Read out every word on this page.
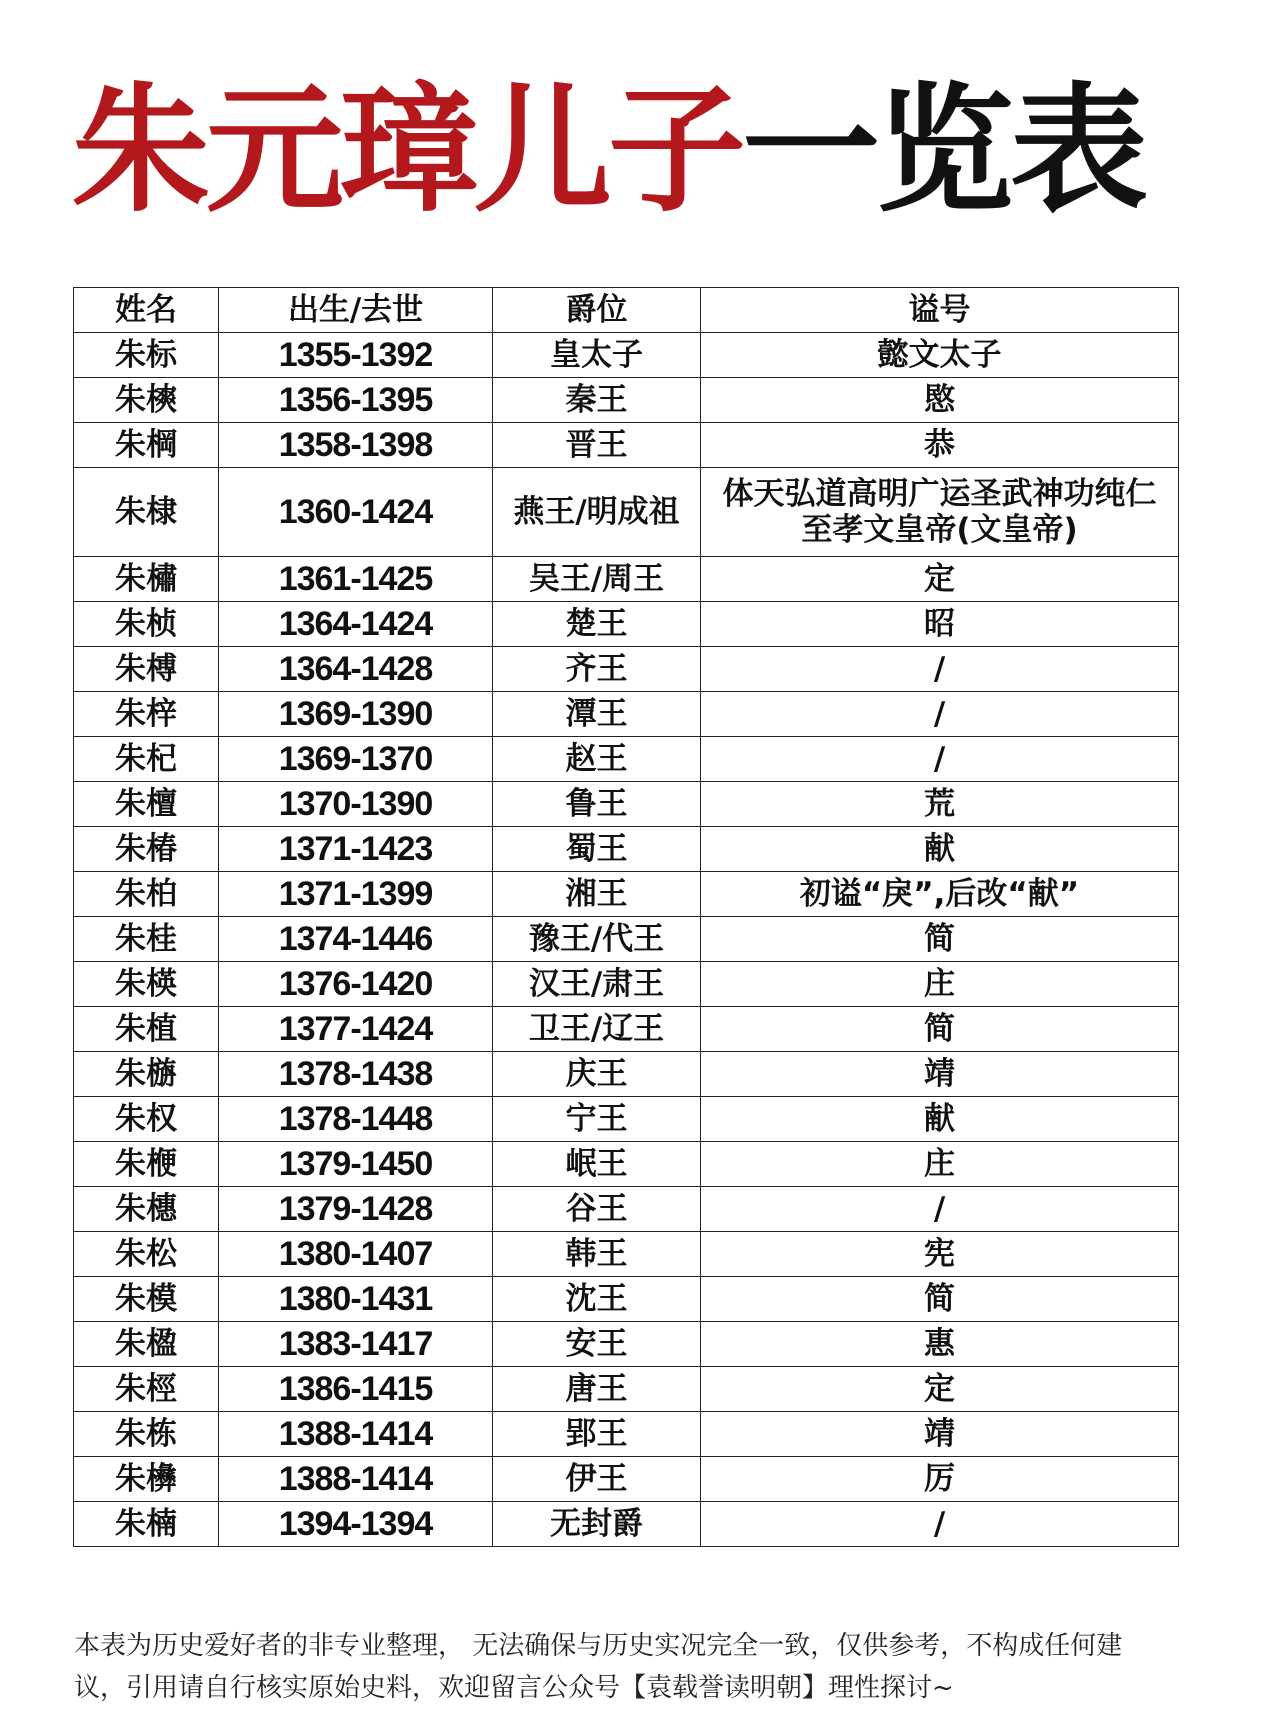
朱元璋儿子一览表
姓名	出生/去世	爵位	谥号
朱标	1355-1392	皇太子	懿文太子
朱樉	1356-1395	秦王	愍
朱棡	1358-1398	晋王	恭
朱棣	1360-1424	燕王/明成祖	体天弘道高明广运圣武神功纯仁至孝文皇帝(文皇帝)
朱橚	1361-1425	吴王/周王	定
朱桢	1364-1424	楚王	昭
朱榑	1364-1428	齐王	/
朱梓	1369-1390	潭王	/
朱杞	1369-1370	赵王	/
朱檀	1370-1390	鲁王	荒
朱椿	1371-1423	蜀王	献
朱柏	1371-1399	湘王	初谥“戾”,后改“献”
朱桂	1374-1446	豫王/代王	简
朱楧	1376-1420	汉王/肃王	庄
朱植	1377-1424	卫王/辽王	简
朱㮵	1378-1438	庆王	靖
朱权	1378-1448	宁王	献
朱楩	1379-1450	岷王	庄
朱橞	1379-1428	谷王	/
朱松	1380-1407	韩王	宪
朱模	1380-1431	沈王	简
朱楹	1383-1417	安王	惠
朱桱	1386-1415	唐王	定
朱栋	1388-1414	郢王	靖
朱㰘	1388-1414	伊王	厉
朱楠	1394-1394	无封爵	/
本表为历史爱好者的非专业整理， 无法确保与历史实况完全一致，仅供参考，不构成任何建
议，引用请自行核实原始史料，欢迎留言公众号【袁载誉读明朝】理性探讨~
